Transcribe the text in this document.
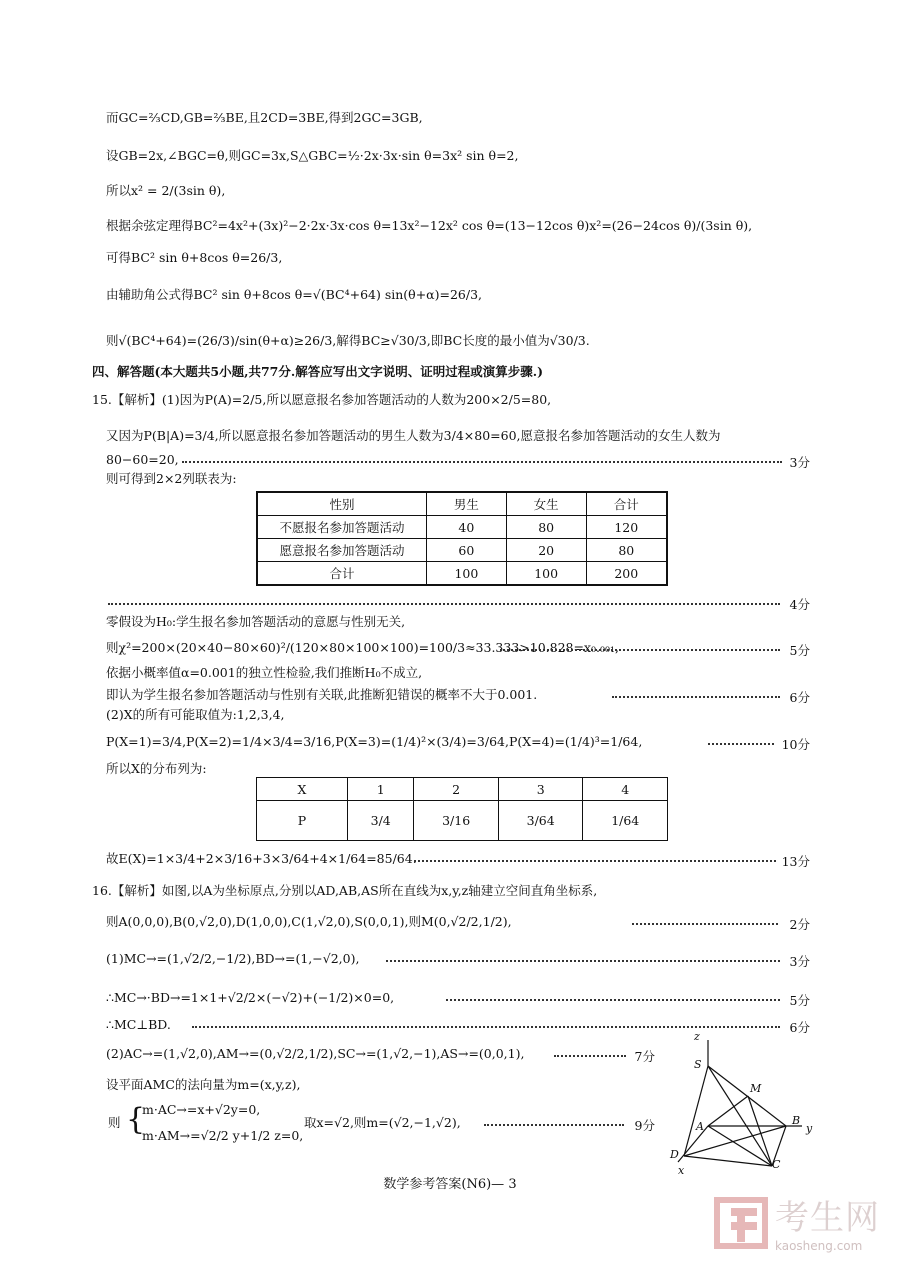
而GC=⅔CD,GB=⅔BE,且2CD=3BE,得到2GC=3GB,
设GB=2x,∠BGC=θ,则GC=3x,S△GBC=½·2x·3x·sin θ=3x² sin θ=2,
所以x² = 2/(3sin θ),
根据余弦定理得BC²=4x²+(3x)²−2·2x·3x·cos θ=13x²−12x² cos θ=(13−12cos θ)x²=(26−24cos θ)/(3sin θ),
可得BC² sin θ+8cos θ=26/3,
由辅助角公式得BC² sin θ+8cos θ=√(BC⁴+64) sin(θ+α)=26/3,
则√(BC⁴+64)=(26/3)/sin(θ+α)≥26/3,解得BC≥√30/3,即BC长度的最小值为√30/3.
四、解答题(本大题共5小题,共77分.解答应写出文字说明、证明过程或演算步骤.)
15.【解析】(1)因为P(A)=2/5,所以愿意报名参加答题活动的人数为200×2/5=80,
又因为P(B|A)=3/4,所以愿意报名参加答题活动的男生人数为3/4×80=60,愿意报名参加答题活动的女生人数为
80−60=20,	3分
则可得到2×2列联表为:
性别	男生	女生	合计
不愿报名参加答题活动	40	80	120
愿意报名参加答题活动	60	20	80
合计	100	100	200
4分
零假设为H₀:学生报名参加答题活动的意愿与性别无关,
则χ²=200×(20×40−80×60)²/(120×80×100×100)=100/3≈33.333>10.828=x₀.₀₀₁,	5分
依据小概率值α=0.001的独立性检验,我们推断H₀不成立,
即认为学生报名参加答题活动与性别有关联,此推断犯错误的概率不大于0.001.	6分
(2)X的所有可能取值为:1,2,3,4,
P(X=1)=3/4,P(X=2)=1/4×3/4=3/16,P(X=3)=(1/4)²×(3/4)=3/64,P(X=4)=(1/4)³=1/64,	10分
所以X的分布列为:
X	1	2	3	4
P	3/4	3/16	3/64	1/64
故E(X)=1×3/4+2×3/16+3×3/64+4×1/64=85/64.	13分
16.【解析】如图,以A为坐标原点,分别以AD,AB,AS所在直线为x,y,z轴建立空间直角坐标系,
则A(0,0,0),B(0,√2,0),D(1,0,0),C(1,√2,0),S(0,0,1),则M(0,√2/2,1/2),	2分
(1)MC→=(1,√2/2,−1/2),BD→=(1,−√2,0),	3分
∴MC→·BD→=1×1+√2/2×(−√2)+(−1/2)×0=0,	5分
∴MC⊥BD.	6分
(2)AC→=(1,√2,0),AM→=(0,√2/2,1/2),SC→=(1,√2,−1),AS→=(0,0,1),	7分
设平面AMC的法向量为m=(x,y,z),
则 {
m·AC→=x+√2y=0,
m·AM→=√2/2 y+1/2 z=0,
取x=√2,则m=(√2,−1,√2),	9分
z
S
M
A	B
y
D
C
x
数学参考答案(N6)— 3
考生网
kaosheng.com
